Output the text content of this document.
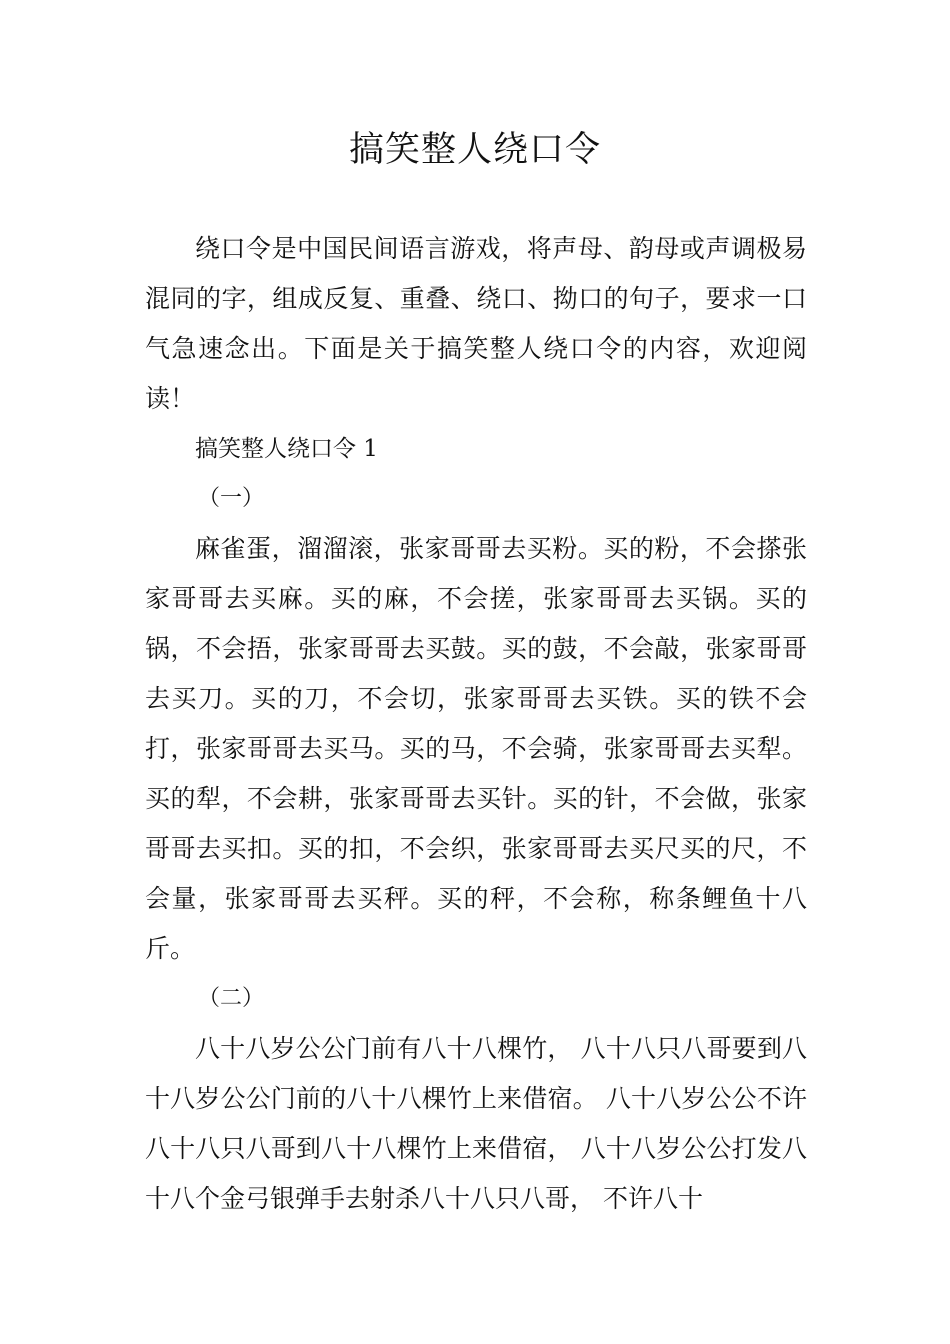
搞笑整人绕口令

绕口令是中国民间语言游戏，将声母、韵母或声调极易混同的字，组成反复、重叠、绕口、拗口的句子，要求一口气急速念出。下面是关于搞笑整人绕口令的内容，欢迎阅读！

搞笑整人绕口令 1

（一）

麻雀蛋，溜溜滚，张家哥哥去买粉。买的粉，不会搽张家哥哥去买麻。买的麻，不会搓，张家哥哥去买锅。买的锅，不会捂，张家哥哥去买鼓。买的鼓，不会敲，张家哥哥去买刀。买的刀，不会切，张家哥哥去买铁。买的铁不会打，张家哥哥去买马。买的马，不会骑，张家哥哥去买犁。买的犁，不会耕，张家哥哥去买针。买的针，不会做，张家哥哥去买扣。买的扣，不会织，张家哥哥去买尺买的尺，不会量，张家哥哥去买秤。买的秤，不会称，称条鲤鱼十八斤。

（二）

八十八岁公公门前有八十八棵竹， 八十八只八哥要到八十八岁公公门前的八十八棵竹上来借宿。 八十八岁公公不许八十八只八哥到八十八棵竹上来借宿， 八十八岁公公打发八十八个金弓银弹手去射杀八十八只八哥， 不许八十
